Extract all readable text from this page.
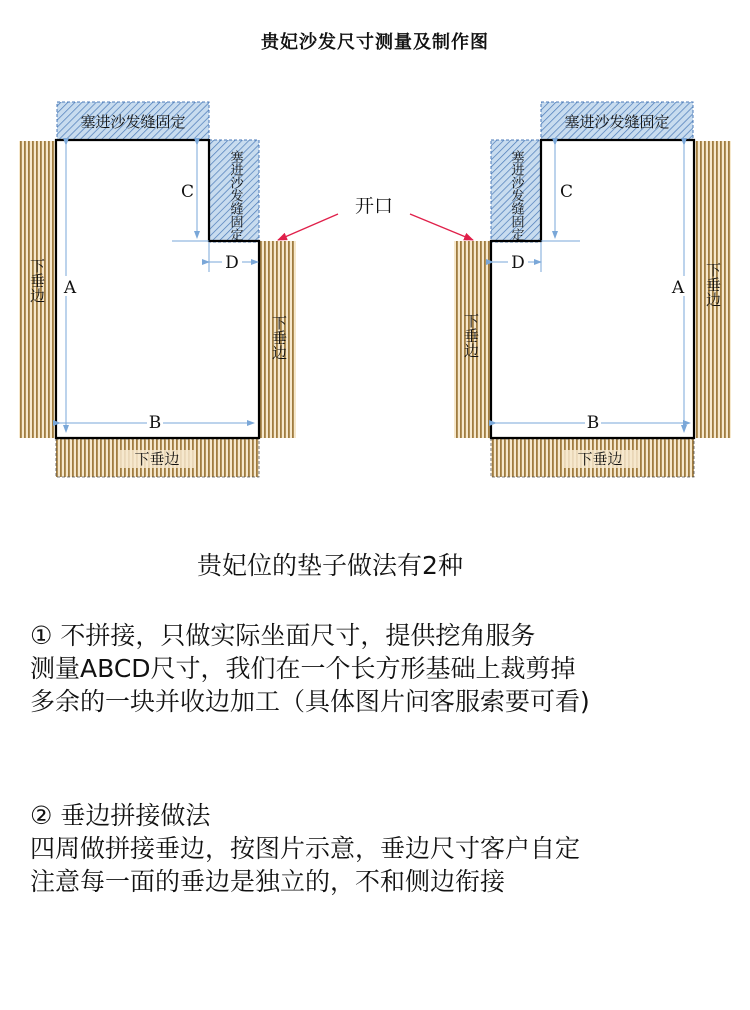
贵妃沙发尺寸测量及制作图
塞进沙发缝固定
塞进沙发缝固定
下垂边
下垂边
下垂边
A
B
C
D
塞进沙发缝固定
塞进沙发缝固定
下垂边
下垂边
下垂边
A
B
C
D
开口
贵妃位的垫子做法有2种
① 不拼接，只做实际坐面尺寸，提供挖角服务
测量ABCD尺寸，我们在一个长方形基础上裁剪掉
多余的一块并收边加工（具体图片问客服索要可看)
② 垂边拼接做法
四周做拼接垂边，按图片示意，垂边尺寸客户自定
注意每一面的垂边是独立的，不和侧边衔接
